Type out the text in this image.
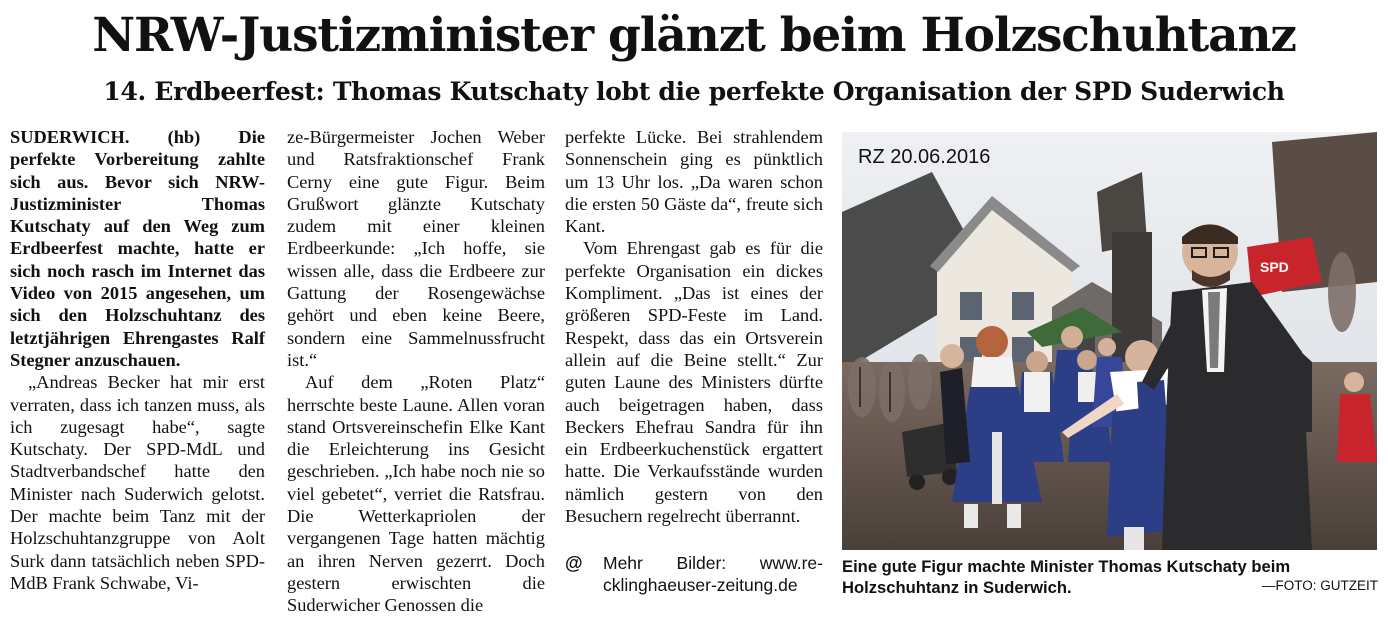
NRW-Justizminister glänzt beim Holzschuhtanz
14. Erdbeerfest: Thomas Kutschaty lobt die perfekte Organisation der SPD Suderwich

SUDERWICH. (hb) Die perfekte Vorbereitung zahlte sich aus. Bevor sich NRW-Justizminister Thomas Kutschaty auf den Weg zum Erdbeerfest machte, hatte er sich noch rasch im Internet das Video von 2015 angesehen, um sich den Holzschuhtanz des letztjährigen Ehrengastes Ralf Stegner anzuschauen.

„Andreas Becker hat mir erst verraten, dass ich tanzen muss, als ich zugesagt habe“, sagte Kutschaty. Der SPD-MdL und Stadtverbandschef hatte den Minister nach Suderwich gelotst. Der machte beim Tanz mit der Holzschuhtanzgruppe von Aolt Surk dann tatsächlich neben SPD-MdB Frank Schwabe, Vi-

ze-Bürgermeister Jochen Weber und Ratsfraktionschef Frank Cerny eine gute Figur. Beim Grußwort glänzte Kutschaty zudem mit einer kleinen Erdbeerkunde: „Ich hoffe, sie wissen alle, dass die Erdbeere zur Gattung der Rosengewächse gehört und eben keine Beere, sondern eine Sammelnussfrucht ist.“

Auf dem „Roten Platz“ herrschte beste Laune. Allen voran stand Ortsvereinschefin Elke Kant die Erleichterung ins Gesicht geschrieben. „Ich habe noch nie so viel gebetet“, verriet die Ratsfrau. Die Wetterkapriolen der vergangenen Tage hatten mächtig an ihren Nerven gezerrt. Doch gestern erwischten die Suderwicher Genossen die

perfekte Lücke. Bei strahlendem Sonnenschein ging es pünktlich um 13 Uhr los. „Da waren schon die ersten 50 Gäste da“, freute sich Kant.

Vom Ehrengast gab es für die perfekte Organisation ein dickes Kompliment. „Das ist eines der größeren SPD-Feste im Land. Respekt, dass das ein Ortsverein allein auf die Beine stellt.“ Zur guten Laune des Ministers dürfte auch beigetragen haben, dass Beckers Ehefrau Sandra für ihn ein Erdbeerkuchenstück ergattert hatte. Die Verkaufsstände wurden nämlich gestern von den Besuchern regelrecht überrannt.

@ Mehr Bilder: www.re-
cklinghaeuser-zeitung.de
SPD
RZ 20.06.2016
Eine gute Figur machte Minister Thomas Kutschaty beim
Holzschuhtanz in Suderwich.	—FOTO: GUTZEIT
